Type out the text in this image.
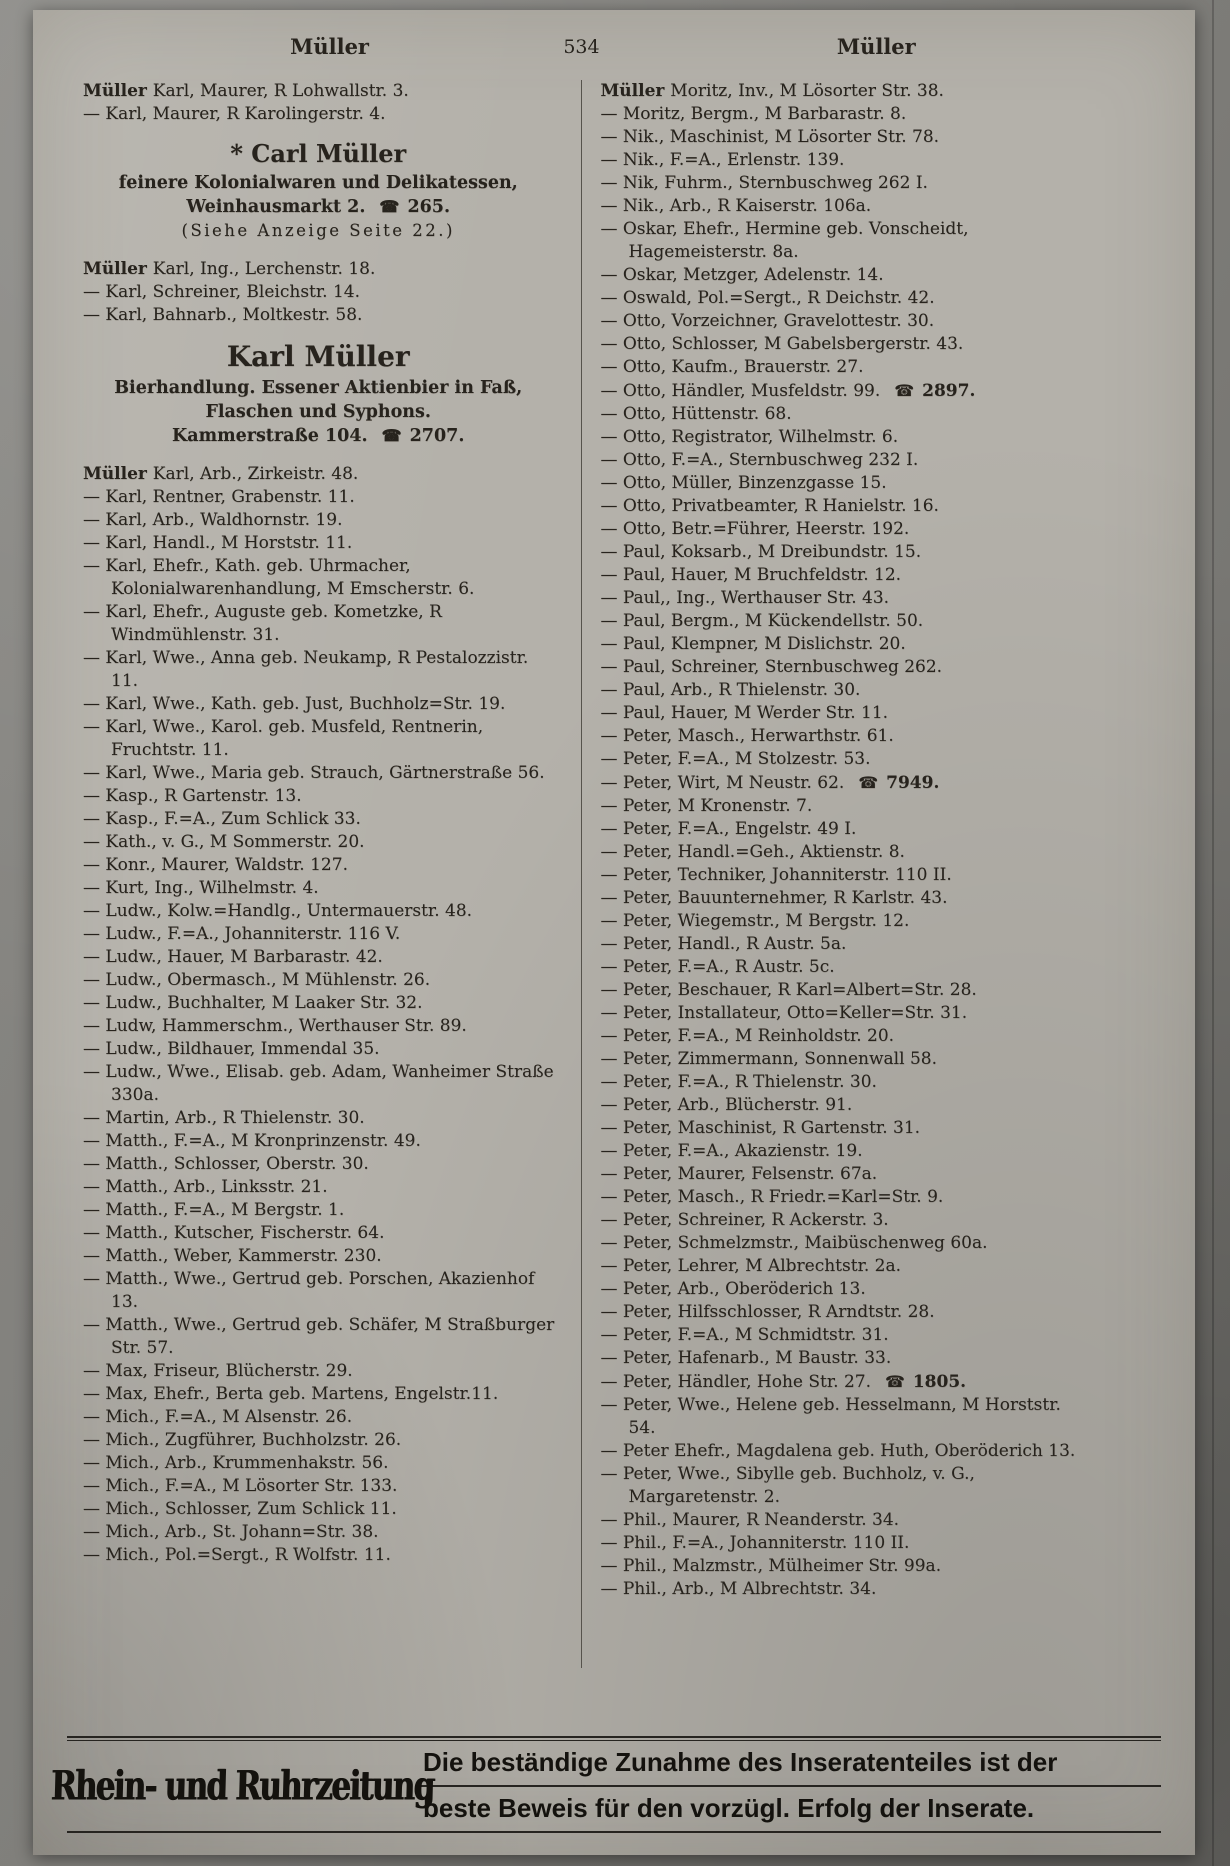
Müller	534	Müller
Müller Karl, Maurer, R Lohwallstr. 3.
— Karl, Maurer, R Karolingerstr. 4.
* Carl Müller
feinere Kolonialwaren und Delikatessen,
Weinhausmarkt 2. ☎ 265.
(Siehe Anzeige Seite 22.)
Müller Karl, Ing., Lerchenstr. 18.
— Karl, Schreiner, Bleichstr. 14.
— Karl, Bahnarb., Moltkestr. 58.
Karl Müller
Bierhandlung. Essener Aktienbier in Faß,
Flaschen und Syphons.
Kammerstraße 104. ☎ 2707.
Müller Karl, Arb., Zirkeistr. 48.
— Karl, Rentner, Grabenstr. 11.
— Karl, Arb., Waldhornstr. 19.
— Karl, Handl., M Horststr. 11.
— Karl, Ehefr., Kath. geb. Uhrmacher, Kolonialwarenhandlung, M Emscherstr. 6.
— Karl, Ehefr., Auguste geb. Kometzke, R Windmühlenstr. 31.
— Karl, Wwe., Anna geb. Neukamp, R Pestalozzistr. 11.
— Karl, Wwe., Kath. geb. Just, Buchholz=Str. 19.
— Karl, Wwe., Karol. geb. Musfeld, Rentnerin, Fruchtstr. 11.
— Karl, Wwe., Maria geb. Strauch, Gärtnerstraße 56.
— Kasp., R Gartenstr. 13.
— Kasp., F.=A., Zum Schlick 33.
— Kath., v. G., M Sommerstr. 20.
— Konr., Maurer, Waldstr. 127.
— Kurt, Ing., Wilhelmstr. 4.
— Ludw., Kolw.=Handlg., Untermauerstr. 48.
— Ludw., F.=A., Johanniterstr. 116 V.
— Ludw., Hauer, M Barbarastr. 42.
— Ludw., Obermasch., M Mühlenstr. 26.
— Ludw., Buchhalter, M Laaker Str. 32.
— Ludw, Hammerschm., Werthauser Str. 89.
— Ludw., Bildhauer, Immendal 35.
— Ludw., Wwe., Elisab. geb. Adam, Wanheimer Straße 330a.
— Martin, Arb., R Thielenstr. 30.
— Matth., F.=A., M Kronprinzenstr. 49.
— Matth., Schlosser, Oberstr. 30.
— Matth., Arb., Linksstr. 21.
— Matth., F.=A., M Bergstr. 1.
— Matth., Kutscher, Fischerstr. 64.
— Matth., Weber, Kammerstr. 230.
— Matth., Wwe., Gertrud geb. Porschen, Akazienhof 13.
— Matth., Wwe., Gertrud geb. Schäfer, M Straßburger Str. 57.
— Max, Friseur, Blücherstr. 29.
— Max, Ehefr., Berta geb. Martens, Engelstr.11.
— Mich., F.=A., M Alsenstr. 26.
— Mich., Zugführer, Buchholzstr. 26.
— Mich., Arb., Krummenhakstr. 56.
— Mich., F.=A., M Lösorter Str. 133.
— Mich., Schlosser, Zum Schlick 11.
— Mich., Arb., St. Johann=Str. 38.
— Mich., Pol.=Sergt., R Wolfstr. 11.
Müller Moritz, Inv., M Lösorter Str. 38.
— Moritz, Bergm., M Barbarastr. 8.
— Nik., Maschinist, M Lösorter Str. 78.
— Nik., F.=A., Erlenstr. 139.
— Nik, Fuhrm., Sternbuschweg 262 I.
— Nik., Arb., R Kaiserstr. 106a.
— Oskar, Ehefr., Hermine geb. Vonscheidt, Hagemeisterstr. 8a.
— Oskar, Metzger, Adelenstr. 14.
— Oswald, Pol.=Sergt., R Deichstr. 42.
— Otto, Vorzeichner, Gravelottestr. 30.
— Otto, Schlosser, M Gabelsbergerstr. 43.
— Otto, Kaufm., Brauerstr. 27.
— Otto, Händler, Musfeldstr. 99. ☎ 2897.
— Otto, Hüttenstr. 68.
— Otto, Registrator, Wilhelmstr. 6.
— Otto, F.=A., Sternbuschweg 232 I.
— Otto, Müller, Binzenzgasse 15.
— Otto, Privatbeamter, R Hanielstr. 16.
— Otto, Betr.=Führer, Heerstr. 192.
— Paul, Koksarb., M Dreibundstr. 15.
— Paul, Hauer, M Bruchfeldstr. 12.
— Paul,, Ing., Werthauser Str. 43.
— Paul, Bergm., M Kückendellstr. 50.
— Paul, Klempner, M Dislichstr. 20.
— Paul, Schreiner, Sternbuschweg 262.
— Paul, Arb., R Thielenstr. 30.
— Paul, Hauer, M Werder Str. 11.
— Peter, Masch., Herwarthstr. 61.
— Peter, F.=A., M Stolzestr. 53.
— Peter, Wirt, M Neustr. 62. ☎ 7949.
— Peter, M Kronenstr. 7.
— Peter, F.=A., Engelstr. 49 I.
— Peter, Handl.=Geh., Aktienstr. 8.
— Peter, Techniker, Johanniterstr. 110 II.
— Peter, Bauunternehmer, R Karlstr. 43.
— Peter, Wiegemstr., M Bergstr. 12.
— Peter, Handl., R Austr. 5a.
— Peter, F.=A., R Austr. 5c.
— Peter, Beschauer, R Karl=Albert=Str. 28.
— Peter, Installateur, Otto=Keller=Str. 31.
— Peter, F.=A., M Reinholdstr. 20.
— Peter, Zimmermann, Sonnenwall 58.
— Peter, F.=A., R Thielenstr. 30.
— Peter, Arb., Blücherstr. 91.
— Peter, Maschinist, R Gartenstr. 31.
— Peter, F.=A., Akazienstr. 19.
— Peter, Maurer, Felsenstr. 67a.
— Peter, Masch., R Friedr.=Karl=Str. 9.
— Peter, Schreiner, R Ackerstr. 3.
— Peter, Schmelzmstr., Maibüschenweg 60a.
— Peter, Lehrer, M Albrechtstr. 2a.
— Peter, Arb., Oberöderich 13.
— Peter, Hilfsschlosser, R Arndtstr. 28.
— Peter, F.=A., M Schmidtstr. 31.
— Peter, Hafenarb., M Baustr. 33.
— Peter, Händler, Hohe Str. 27. ☎ 1805.
— Peter, Wwe., Helene geb. Hesselmann, M Horststr. 54.
— Peter Ehefr., Magdalena geb. Huth, Oberöderich 13.
— Peter, Wwe., Sibylle geb. Buchholz, v. G., Margaretenstr. 2.
— Phil., Maurer, R Neanderstr. 34.
— Phil., F.=A., Johanniterstr. 110 II.
— Phil., Malzmstr., Mülheimer Str. 99a.
— Phil., Arb., M Albrechtstr. 34.
Rhein- und Ruhrzeitung
Die beständige Zunahme des Inseratenteiles ist der
beste Beweis für den vorzügl. Erfolg der Inserate.
